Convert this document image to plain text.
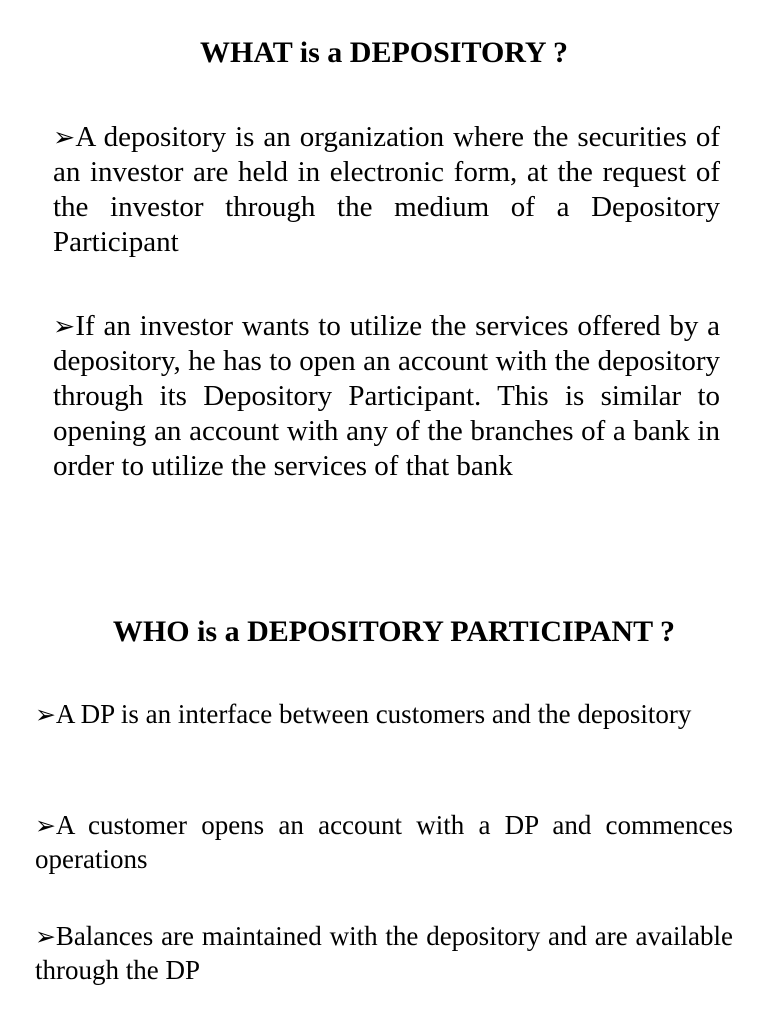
WHAT is a DEPOSITORY ?

➢A depository is an organization where the securities of an investor are held in electronic form, at the request of the investor through the medium of a Depository Participant

➢If an investor wants to utilize the services offered by a depository, he has to open an account with the depository through its Depository Participant. This is similar to opening an account with any of the branches of a bank in order to utilize the services of that bank

WHO is a DEPOSITORY PARTICIPANT ?

➢A DP is an interface between customers and the depository

➢A customer opens an account with a DP and commences operations

➢Balances are maintained with the depository and are available through the DP
